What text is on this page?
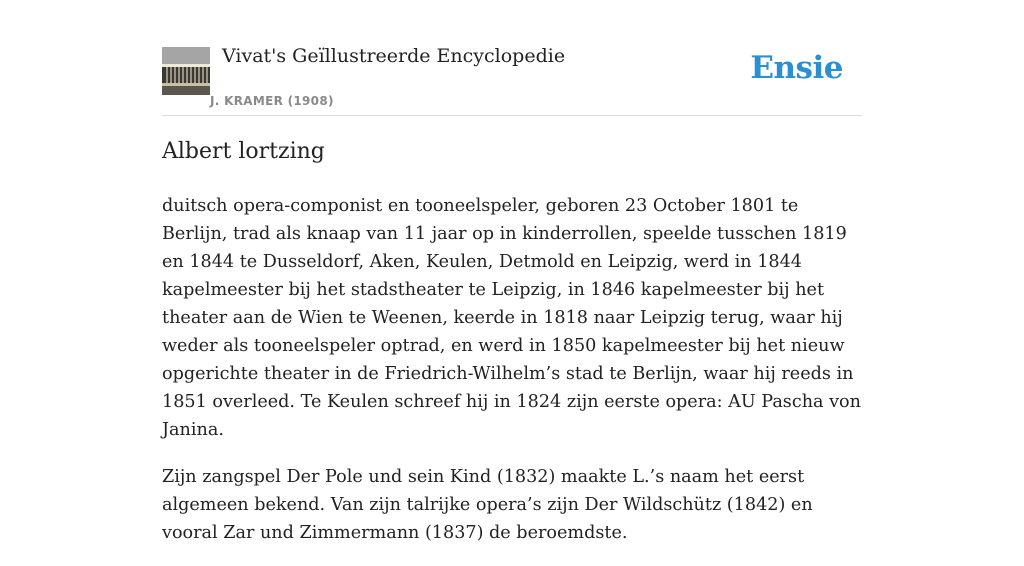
Vivat's Geïllustreerde Encyclopedie
J. KRAMER (1908)
Ensie
Albert lortzing

duitsch opera-componist en tooneelspeler, geboren 23 October 1801 te Berlijn, trad als knaap van 11 jaar op in kinderrollen, speelde tusschen 1819 en 1844 te Dusseldorf, Aken, Keulen, Detmold en Leipzig, werd in 1844 kapelmeester bij het stadstheater te Leipzig, in 1846 kapelmeester bij het theater aan de Wien te Weenen, keerde in 1818 naar Leipzig terug, waar hij weder als tooneelspeler optrad, en werd in 1850 kapelmeester bij het nieuw opgerichte theater in de Friedrich-Wilhelm’s stad te Berlijn, waar hij reeds in 1851 overleed. Te Keulen schreef hij in 1824 zijn eerste opera: AU Pascha von Janina.

Zijn zangspel Der Pole und sein Kind (1832) maakte L.’s naam het eerst algemeen bekend. Van zijn talrijke opera’s zijn Der Wildschütz (1842) en vooral Zar und Zimmermann (1837) de beroemdste.
